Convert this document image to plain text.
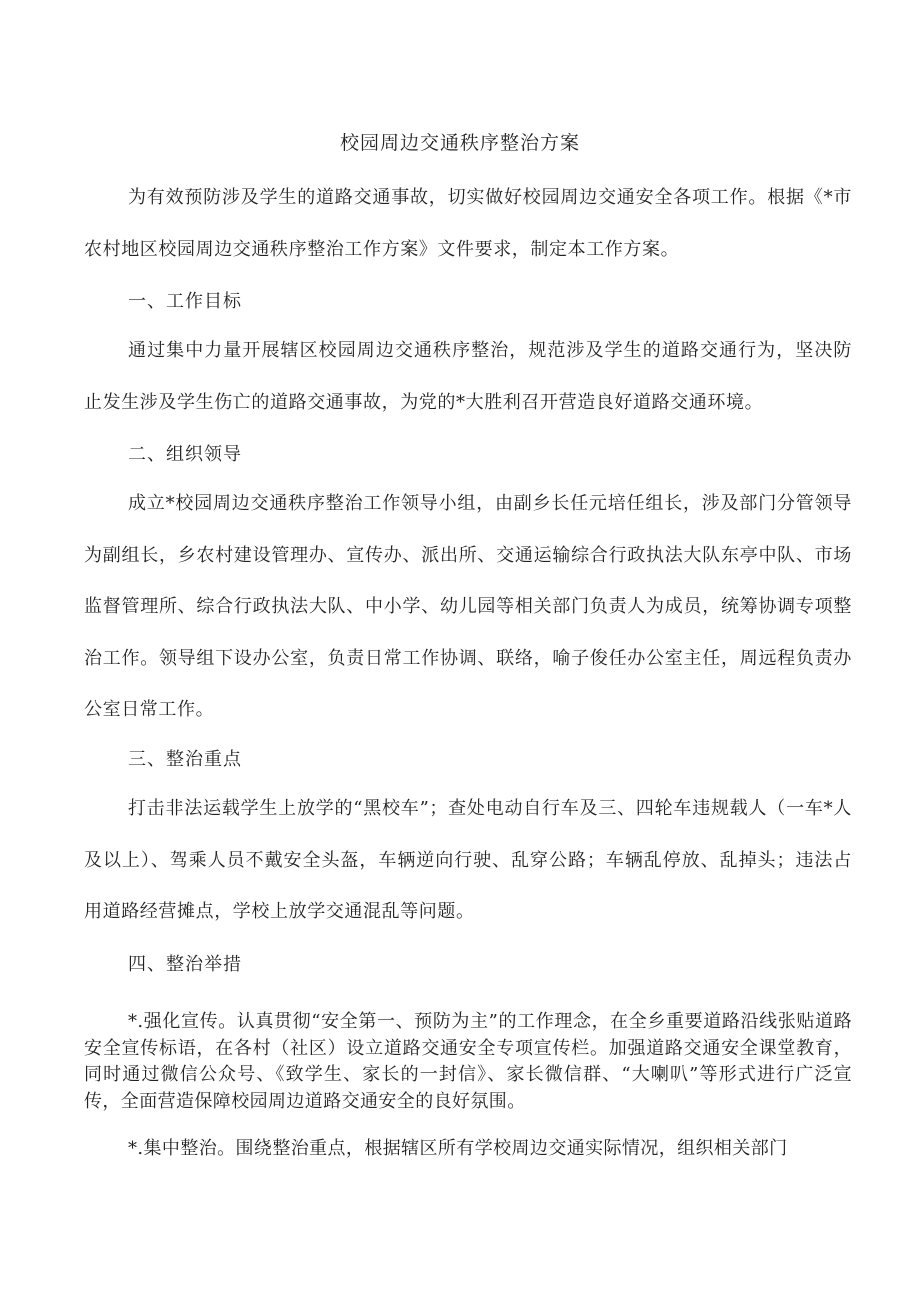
校园周边交通秩序整治方案
为有效预防涉及学生的道路交通事故，切实做好校园周边交通安全各项工作。根据《*市农村地区校园周边交通秩序整治工作方案》文件要求，制定本工作方案。
一、工作目标
通过集中力量开展辖区校园周边交通秩序整治，规范涉及学生的道路交通行为，坚决防止发生涉及学生伤亡的道路交通事故，为党的*大胜利召开营造良好道路交通环境。
二、组织领导
成立*校园周边交通秩序整治工作领导小组，由副乡长任元培任组长，涉及部门分管领导为副组长，乡农村建设管理办、宣传办、派出所、交通运输综合行政执法大队东亭中队、市场监督管理所、综合行政执法大队、中小学、幼儿园等相关部门负责人为成员，统筹协调专项整治工作。领导组下设办公室，负责日常工作协调、联络，喻子俊任办公室主任，周远程负责办公室日常工作。
三、整治重点
打击非法运载学生上放学的“黑校车”；查处电动自行车及三、四轮车违规载人（一车*人及以上）、驾乘人员不戴安全头盔，车辆逆向行驶、乱穿公路；车辆乱停放、乱掉头；违法占用道路经营摊点，学校上放学交通混乱等问题。
四、整治举措
*.强化宣传。认真贯彻“安全第一、预防为主”的工作理念，在全乡重要道路沿线张贴道路安全宣传标语，在各村（社区）设立道路交通安全专项宣传栏。加强道路交通安全课堂教育，同时通过微信公众号、《致学生、家长的一封信》、家长微信群、“大喇叭”等形式进行广泛宣传，全面营造保障校园周边道路交通安全的良好氛围。
*.集中整治。围绕整治重点，根据辖区所有学校周边交通实际情况，组织相关部门
